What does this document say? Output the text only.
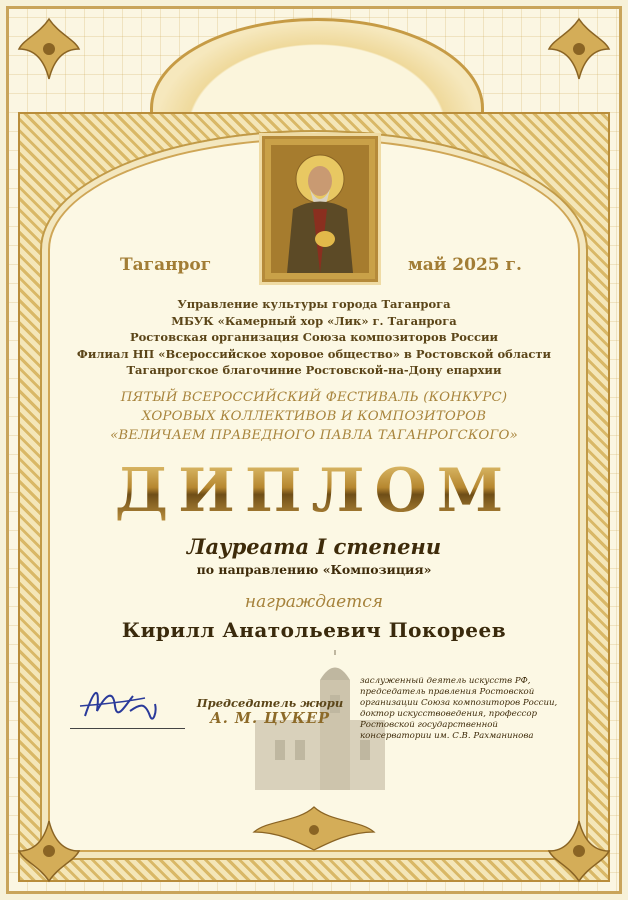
Таганрог	май 2025 г.
Управление культуры города Таганрога
МБУК «Камерный хор «Лик» г. Таганрога
Ростовская организация Союза композиторов России
Филиал НП «Всероссийское хоровое общество» в Ростовской области
Таганрогское благочиние Ростовской-на-Дону епархии
ПЯТЫЙ ВСЕРОССИЙСКИЙ ФЕСТИВАЛЬ (КОНКУРС)
ХОРОВЫХ КОЛЛЕКТИВОВ И КОМПОЗИТОРОВ
«ВЕЛИЧАЕМ ПРАВЕДНОГО ПАВЛА ТАГАНРОГСКОГО»
ДИПЛОМ
Лауреата I степени
по направлению «Композиция»
награждается
Кирилл Анатольевич Покореев
Председатель жюри
А. М. ЦУКЕР
заслуженный деятель искусств РФ,
председатель правления Ростовской
организации Союза композиторов России,
доктор искусствоведения, профессор
Ростовской государственной
консерватории им. С.В. Рахманинова
